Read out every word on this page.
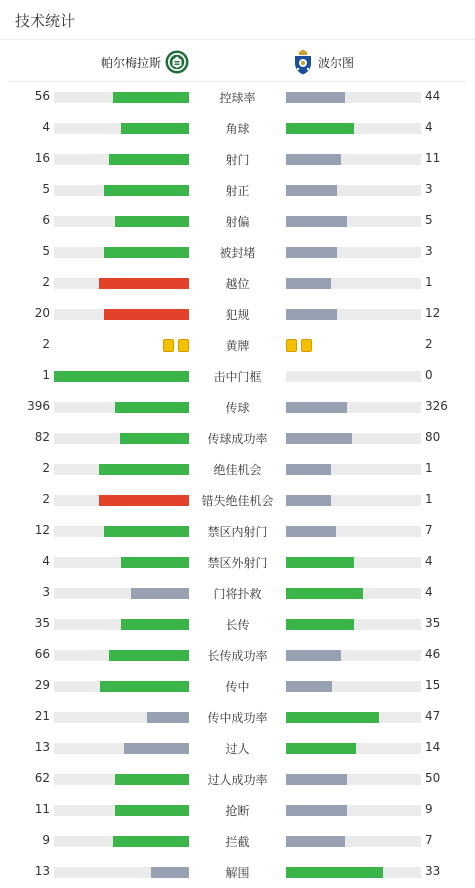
技术统计
帕尔梅拉斯	波尔图
56	控球率	44
4	角球	4
16	射门	11
5	射正	3
6	射偏	5
5	被封堵	3
2	越位	1
20	犯规	12
2	黄牌	2
1	击中门框	0
396	传球	326
82	传球成功率	80
2	绝佳机会	1
2	错失绝佳机会	1
12	禁区内射门	7
4	禁区外射门	4
3	门将扑救	4
35	长传	35
66	长传成功率	46
29	传中	15
21	传中成功率	47
13	过人	14
62	过人成功率	50
11	抢断	9
9	拦截	7
13	解围	33
